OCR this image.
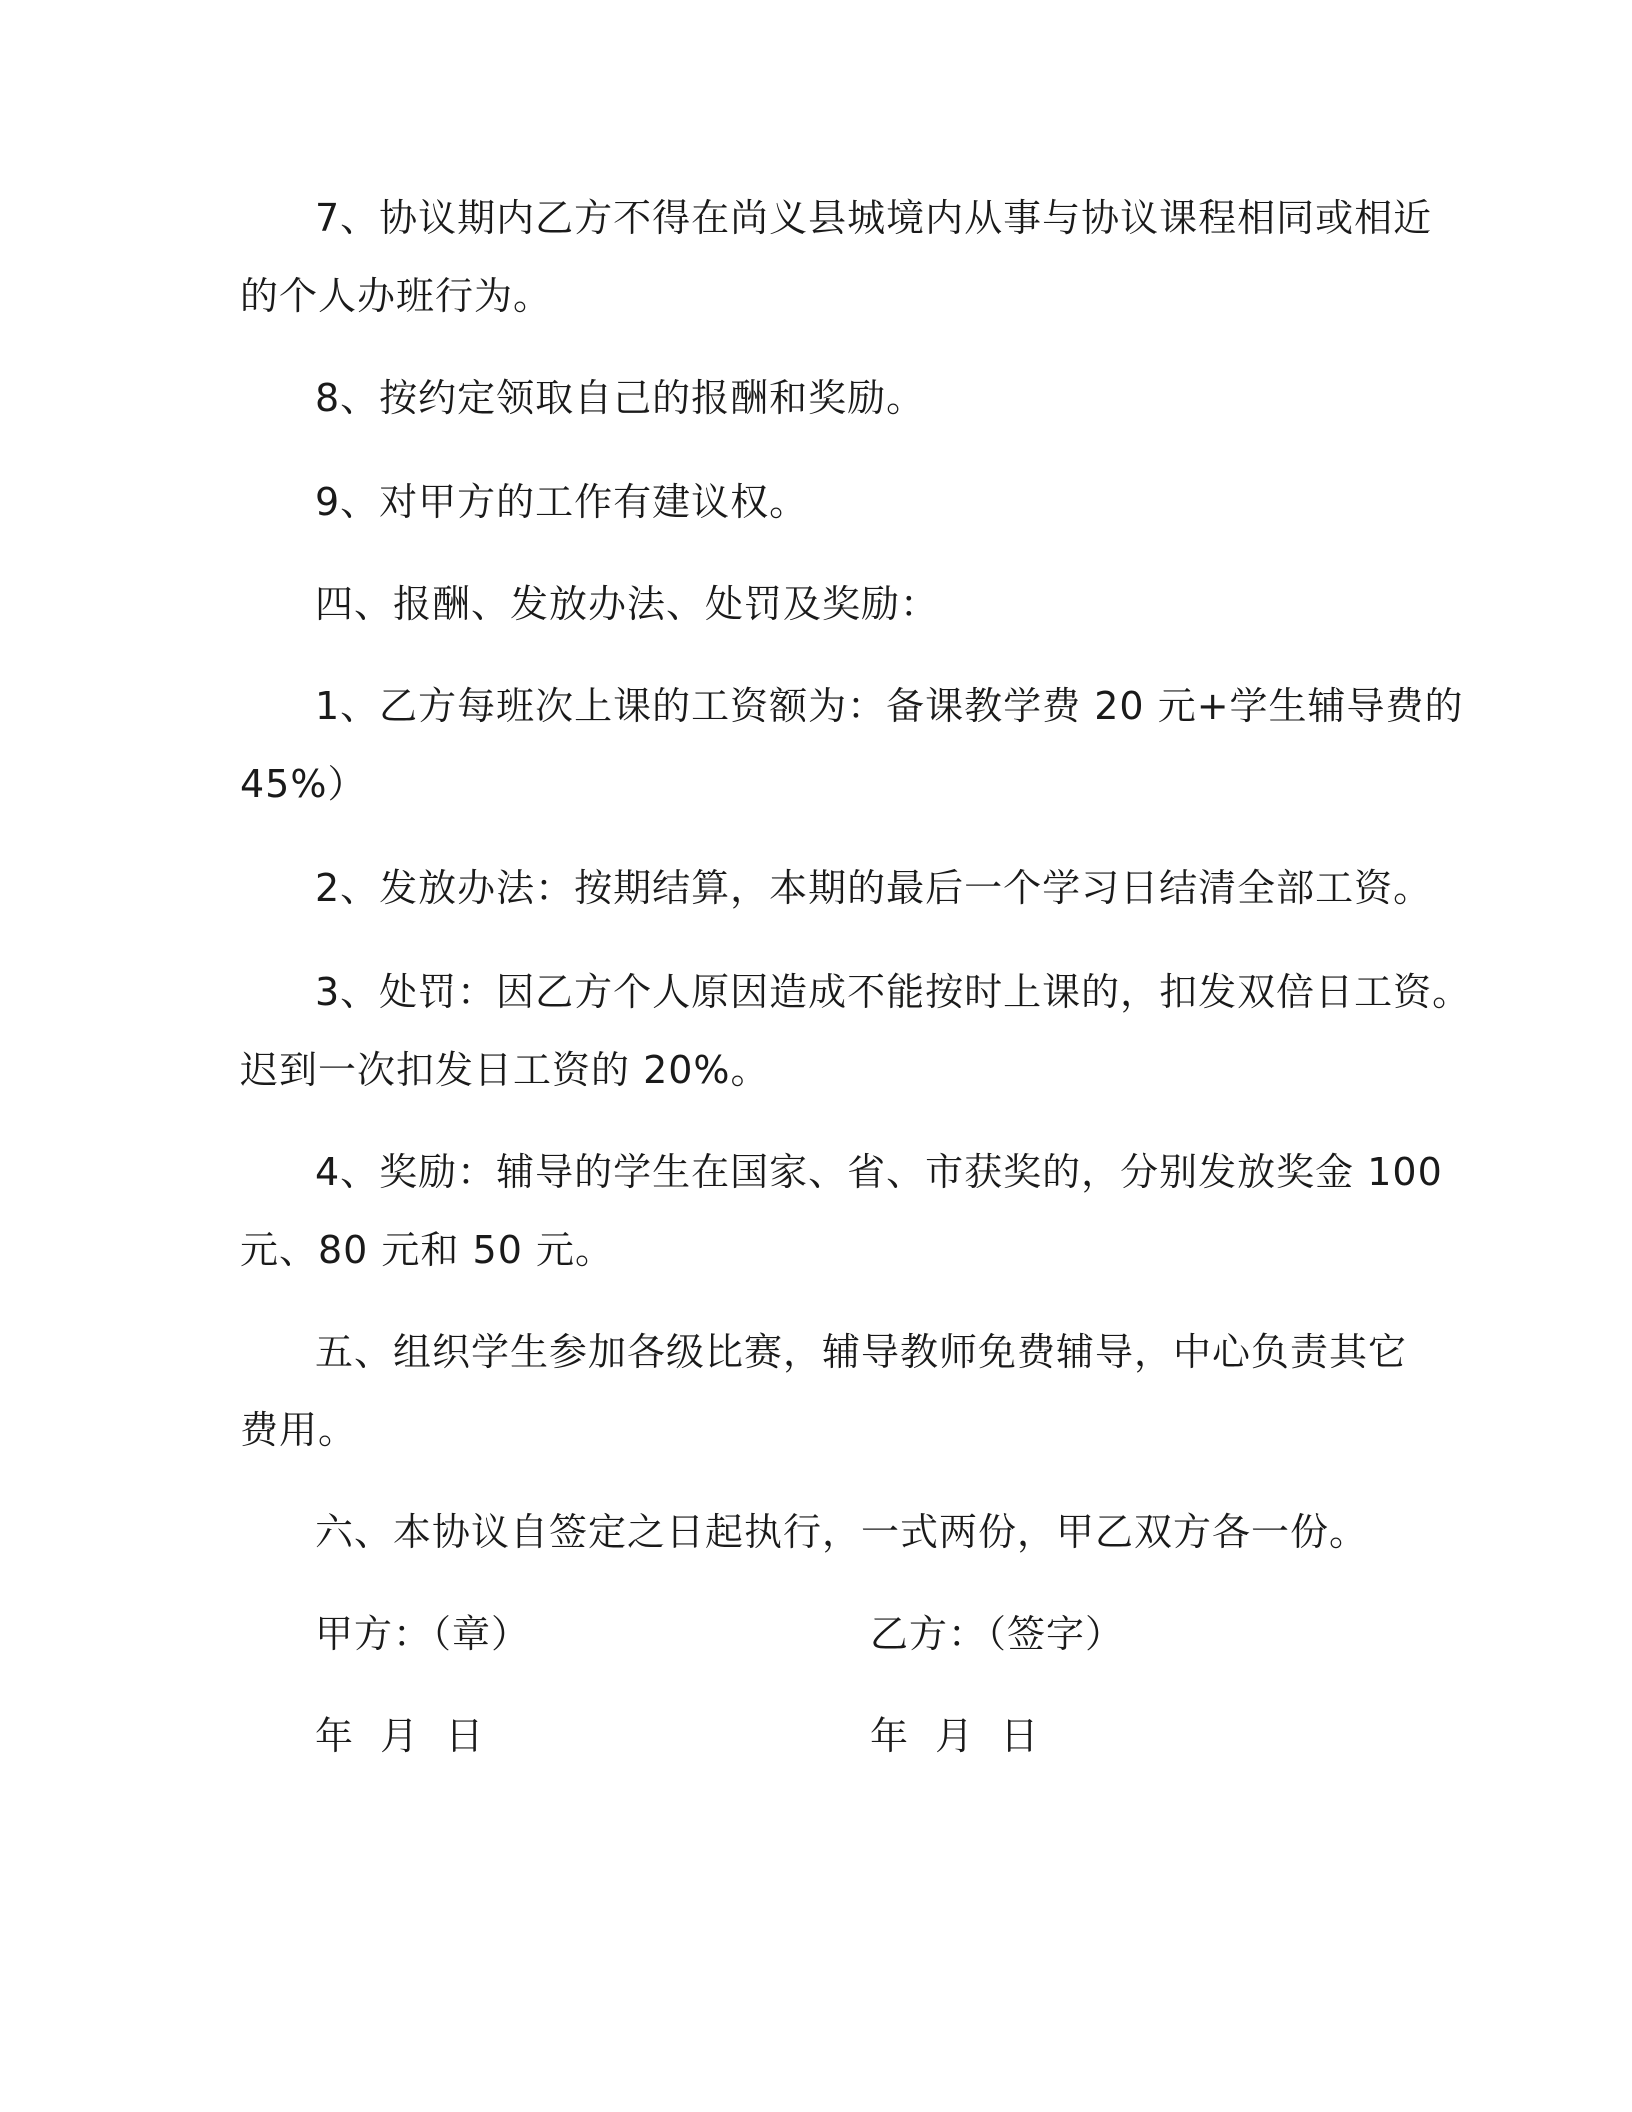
7、协议期内乙方不得在尚义县城境内从事与协议课程相同或相近
的个人办班行为。
8、按约定领取自己的报酬和奖励。
9、对甲方的工作有建议权。
四、报酬、发放办法、处罚及奖励：
1、乙方每班次上课的工资额为：备课教学费 20 元+学生辅导费的
45%）
2、发放办法：按期结算，本期的最后一个学习日结清全部工资。
3、处罚：因乙方个人原因造成不能按时上课的，扣发双倍日工资。
迟到一次扣发日工资的 20%。
4、奖励：辅导的学生在国家、省、市获奖的，分别发放奖金 100
元、80 元和 50 元。
五、组织学生参加各级比赛，辅导教师免费辅导，中心负责其它
费用。
六、本协议自签定之日起执行，一式两份，甲乙双方各一份。
甲方：（章）	乙方：（签字）
年  月  日	年  月  日
